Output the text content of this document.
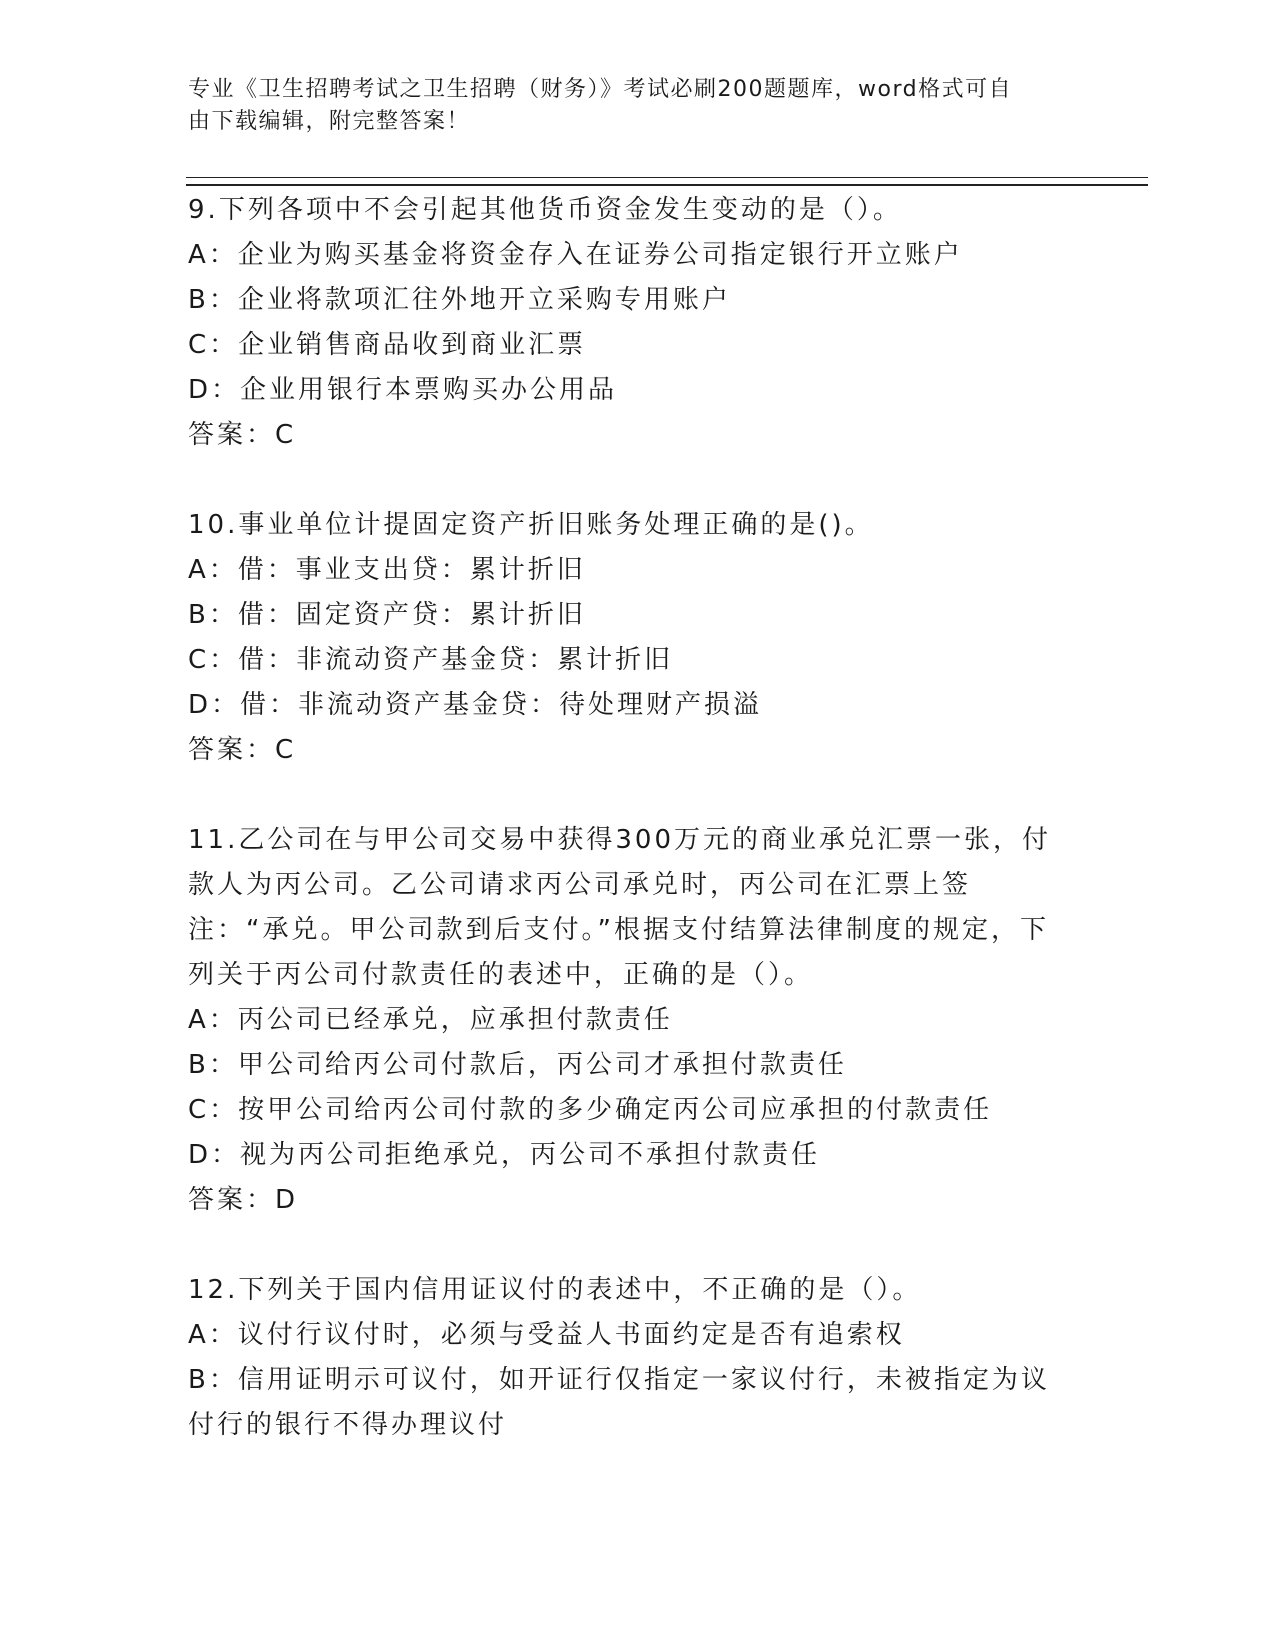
专业《卫生招聘考试之卫生招聘（财务）》考试必刷200题题库，word格式可自
由下载编辑，附完整答案！

9.下列各项中不会引起其他货币资金发生变动的是（）。

A：企业为购买基金将资金存入在证券公司指定银行开立账户

B：企业将款项汇往外地开立采购专用账户

C：企业销售商品收到商业汇票

D：企业用银行本票购买办公用品

答案：C

10.事业单位计提固定资产折旧账务处理正确的是()。

A：借：事业支出贷：累计折旧

B：借：固定资产贷：累计折旧

C：借：非流动资产基金贷：累计折旧

D：借：非流动资产基金贷：待处理财产损溢

答案：C

11.乙公司在与甲公司交易中获得300万元的商业承兑汇票一张，付款人为丙公司。乙公司请求丙公司承兑时，丙公司在汇票上签注：“承兑。甲公司款到后支付。”根据支付结算法律制度的规定，下列关于丙公司付款责任的表述中，正确的是（）。

A：丙公司已经承兑，应承担付款责任

B：甲公司给丙公司付款后，丙公司才承担付款责任

C：按甲公司给丙公司付款的多少确定丙公司应承担的付款责任

D：视为丙公司拒绝承兑，丙公司不承担付款责任

答案：D

12.下列关于国内信用证议付的表述中，不正确的是（）。

A：议付行议付时，必须与受益人书面约定是否有追索权

B：信用证明示可议付，如开证行仅指定一家议付行，未被指定为议付行的银行不得办理议付
